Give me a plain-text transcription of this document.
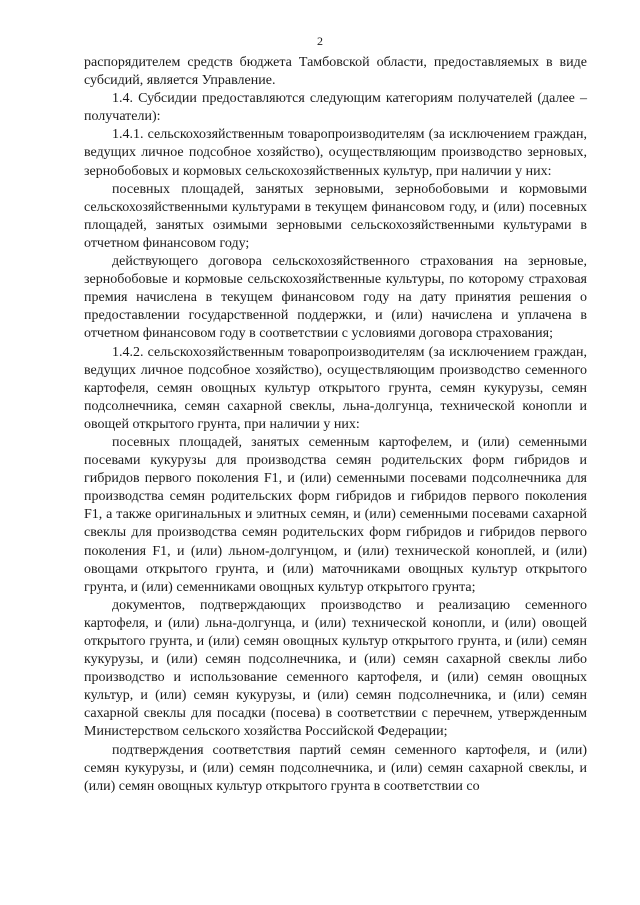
2

распорядителем средств бюджета Тамбовской области, предоставляемых в виде субсидий, является Управление.

1.4. Субсидии предоставляются следующим категориям получателей (далее – получатели):

1.4.1. сельскохозяйственным товаропроизводителям (за исключением граждан, ведущих личное подсобное хозяйство), осуществляющим производство зерновых, зернобобовых и кормовых сельскохозяйственных культур, при наличии у них:

посевных площадей, занятых зерновыми, зернобобовыми и кормовыми сельскохозяйственными культурами в текущем финансовом году, и (или) посевных площадей, занятых озимыми зерновыми сельскохозяйственными культурами в отчетном финансовом году;

действующего договора сельскохозяйственного страхования на зерновые, зернобобовые и кормовые сельскохозяйственные культуры, по которому страховая премия начислена в текущем финансовом году на дату принятия решения о предоставлении государственной поддержки, и (или) начислена и уплачена в отчетном финансовом году в соответствии с условиями договора страхования;

1.4.2. сельскохозяйственным товаропроизводителям (за исключением граждан, ведущих личное подсобное хозяйство), осуществляющим производство семенного картофеля, семян овощных культур открытого грунта, семян кукурузы, семян подсолнечника, семян сахарной свеклы, льна-долгунца, технической конопли и овощей открытого грунта, при наличии у них:

посевных площадей, занятых семенным картофелем, и (или) семенными посевами кукурузы для производства семян родительских форм гибридов и гибридов первого поколения F1, и (или) семенными посевами подсолнечника для производства семян родительских форм гибридов и гибридов первого поколения F1, а также оригинальных и элитных семян, и (или) семенными посевами сахарной свеклы для производства семян родительских форм гибридов и гибридов первого поколения F1, и (или) льном-долгунцом, и (или) технической коноплей, и (или) овощами открытого грунта, и (или) маточниками овощных культур открытого грунта, и (или) семенниками овощных культур открытого грунта;

документов, подтверждающих производство и реализацию семенного картофеля, и (или) льна-долгунца, и (или) технической конопли, и (или) овощей открытого грунта, и (или) семян овощных культур открытого грунта, и (или) семян кукурузы, и (или) семян подсолнечника, и (или) семян сахарной свеклы либо производство и использование семенного картофеля, и (или) семян овощных культур, и (или) семян кукурузы, и (или) семян подсолнечника, и (или) семян сахарной свеклы для посадки (посева) в соответствии с перечнем, утвержденным Министерством сельского хозяйства Российской Федерации;

подтверждения соответствия партий семян семенного картофеля, и (или) семян кукурузы, и (или) семян подсолнечника, и (или) семян сахарной свеклы, и (или) семян овощных культур открытого грунта в соответствии со
